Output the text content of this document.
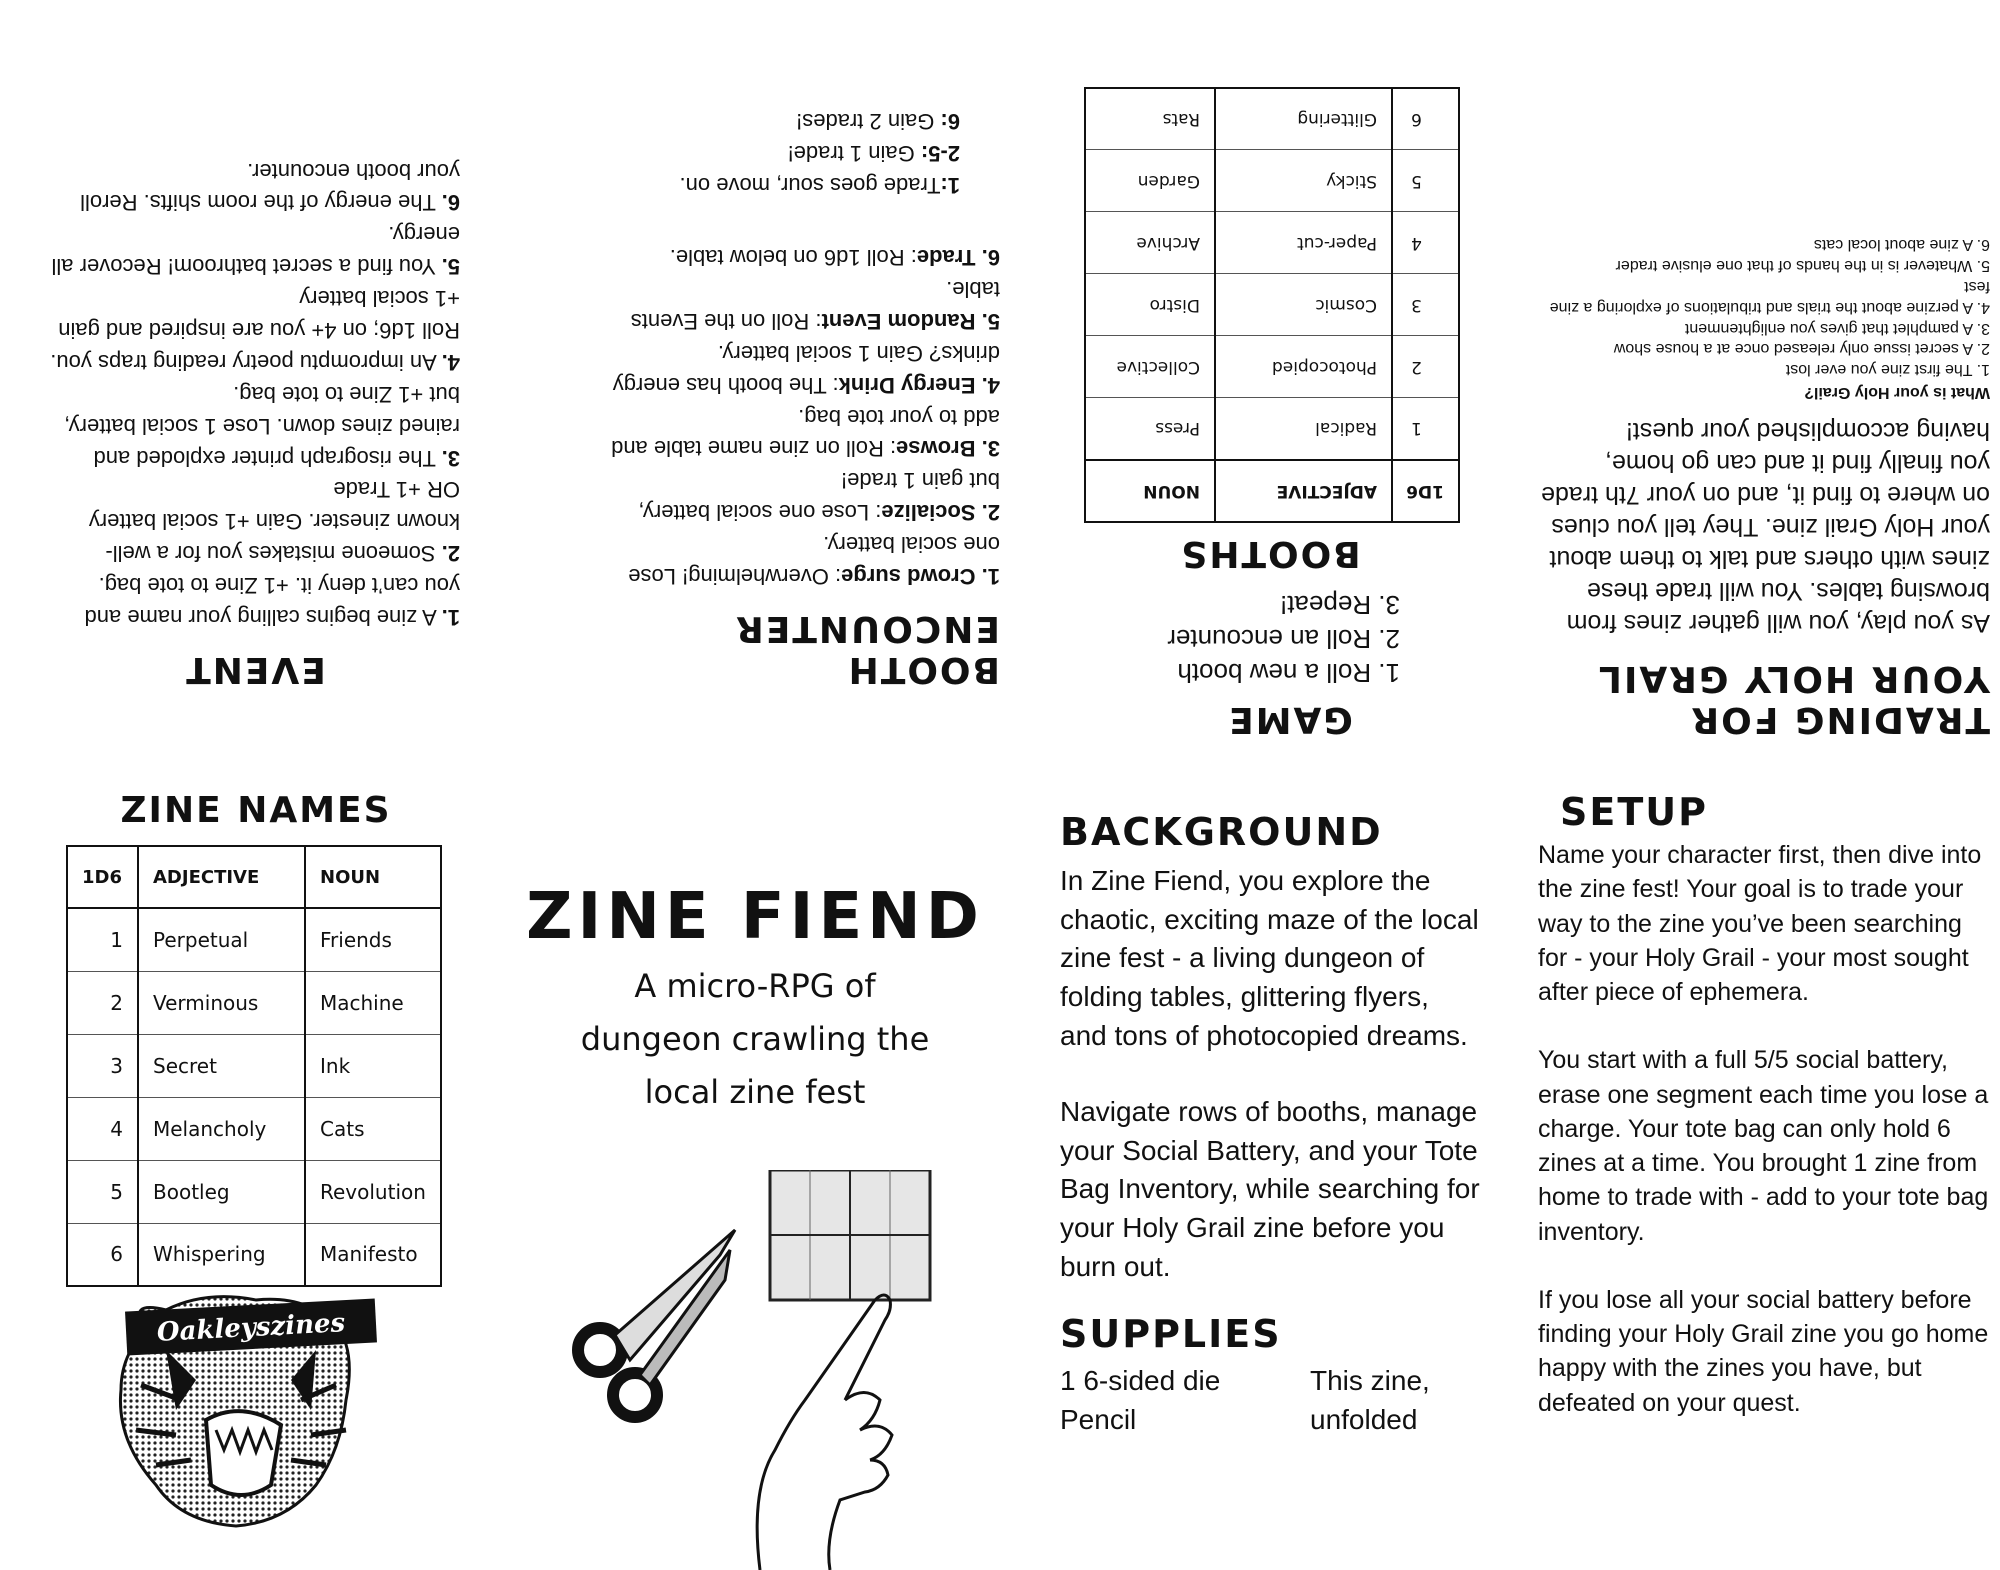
TRADING FOR
YOUR HOLY GRAIL

As you play, you will gather zines from browsing tables. You will trade these zines with others and talk to them about your Holy Grail zine. They tell you clues on where to find it, and on your 7th trade you finally find it and can go home, having accomplished your quest!

What is your Holy Grail?
1. The first zine you ever lost
2. A secret issue only released once at a house show
3. A pamphlet that gives you enlightenment
4. A perzine about the trials and tribulations of exploring a zine fest
5. Whatever is in the hands of that one elusive trader
6. A zine about local cats
GAME
1. Roll a new booth
2. Roll an encounter
3. Repeat!
BOOTHS
1D6	ADJECTIVE	NOUN
1	Radical	Press
2	Photocopied	Collective
3	Cosmic	Distro
4	Paper-cut	Archive
5	Sticky	Garden
6	Glittering	Rats
BOOTH ENCOUNTER
1. Crowd surge: Overwhelming! Lose one social battery.
2. Socialize: Lose one social battery, but gain 1 trade!
3. Browse: Roll on zine name table and add to your tote bag.
4. Energy Drink: The booth has energy drinks? Gain 1 social battery.
5. Random Event: Roll on the Events table.
6. Trade: Roll 1d6 on below table.
1:Trade goes sour, move on.
2-5: Gain 1 trade!
6: Gain 2 trades!
EVENT
1. A zine begins calling your name and you can’t deny it. +1 Zine to tote bag.
2. Someone mistakes you for a well-known zinester. Gain +1 social battery OR +1 Trade
3. The risograph printer exploded and rained zines down. Lose 1 social battery, but +1 Zine to tote bag.
4. An impromptu poetry reading traps you. Roll 1d6; on 4+ you are inspired and gain +1 social battery
5. You find a secret bathroom! Recover all energy.
6. The energy of the room shifts. Reroll your booth encounter.
ZINE NAMES
1D6	ADJECTIVE	NOUN
1	Perpetual	Friends
2	Verminous	Machine
3	Secret	Ink
4	Melancholy	Cats
5	Bootleg	Revolution
6	Whispering	Manifesto
Oakleyszines
ZINE FIEND
A micro-RPG of
dungeon crawling the
local zine fest
BACKGROUND

In Zine Fiend, you explore the chaotic, exciting maze of the local zine fest - a living dungeon of folding tables, glittering flyers, and tons of photocopied dreams.

Navigate rows of booths, manage your Social Battery, and your Tote Bag Inventory, while searching for your Holy Grail zine before you burn out.

SUPPLIES
1 6-sided die	This zine,
Pencil	unfolded
SETUP

Name your character first, then dive into the zine fest! Your goal is to trade your way to the zine you’ve been searching for - your Holy Grail - your most sought after piece of ephemera.

You start with a full 5/5 social battery, erase one segment each time you lose a charge. Your tote bag can only hold 6 zines at a time. You brought 1 zine from home to trade with - add to your tote bag inventory.

If you lose all your social battery before finding your Holy Grail zine you go home happy with the zines you have, but defeated on your quest.
